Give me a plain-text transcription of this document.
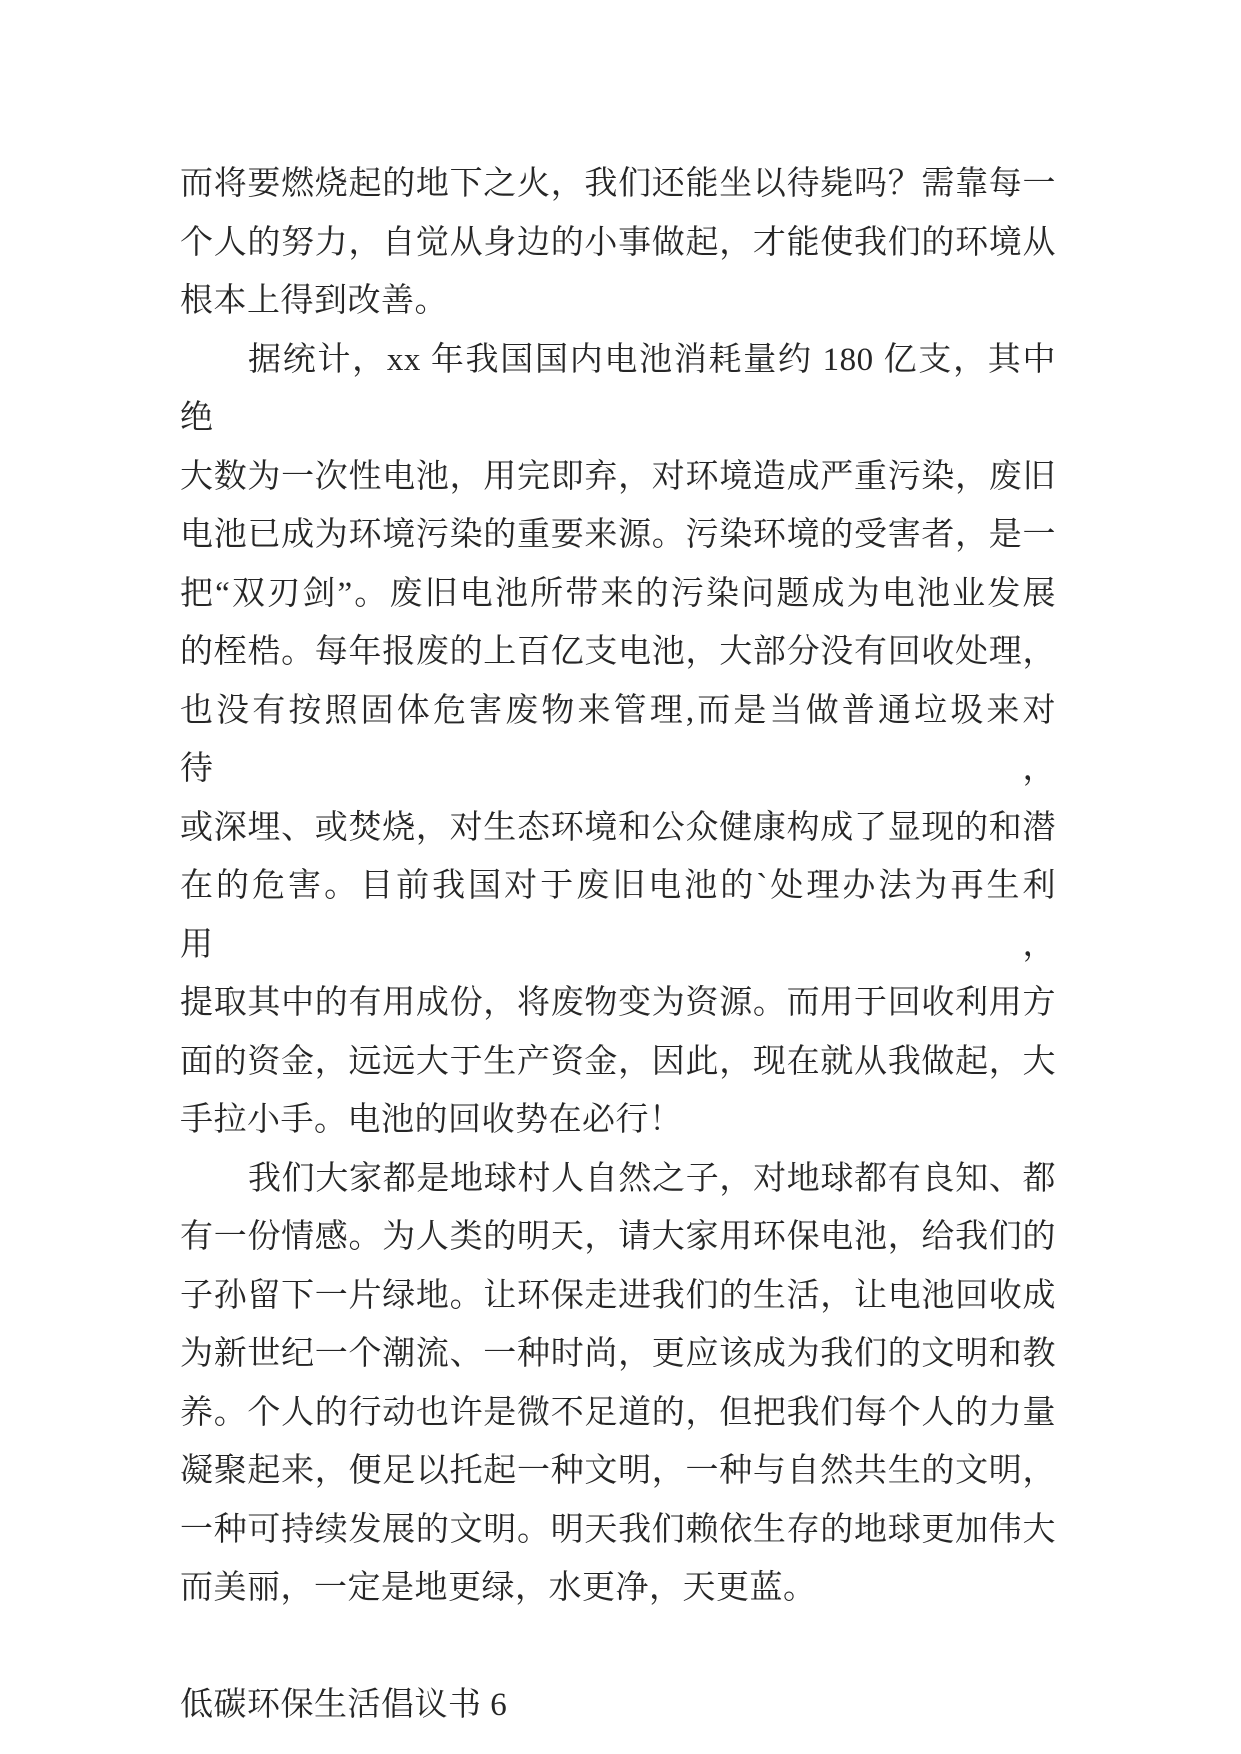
而将要燃烧起的地下之火，我们还能坐以待毙吗？需靠每一
个人的努力，自觉从身边的小事做起，才能使我们的环境从
根本上得到改善。
据统计，xx 年我国国内电池消耗量约 180 亿支，其中绝
大数为一次性电池，用完即弃，对环境造成严重污染，废旧
电池已成为环境污染的重要来源。污染环境的受害者，是一
把“双刃剑”。废旧电池所带来的污染问题成为电池业发展
的桎梏。每年报废的上百亿支电池，大部分没有回收处理，
也没有按照固体危害废物来管理,而是当做普通垃圾来对待，
或深埋、或焚烧，对生态环境和公众健康构成了显现的和潜
在的危害。目前我国对于废旧电池的`处理办法为再生利用，
提取其中的有用成份，将废物变为资源。而用于回收利用方
面的资金，远远大于生产资金，因此，现在就从我做起，大
手拉小手。电池的回收势在必行！
我们大家都是地球村人自然之子，对地球都有良知、都
有一份情感。为人类的明天，请大家用环保电池，给我们的
子孙留下一片绿地。让环保走进我们的生活，让电池回收成
为新世纪一个潮流、一种时尚，更应该成为我们的文明和教
养。个人的行动也许是微不足道的，但把我们每个人的力量
凝聚起来，便足以托起一种文明，一种与自然共生的文明，
一种可持续发展的文明。明天我们赖依生存的地球更加伟大
而美丽，一定是地更绿，水更净，天更蓝。
低碳环保生活倡议书 6
